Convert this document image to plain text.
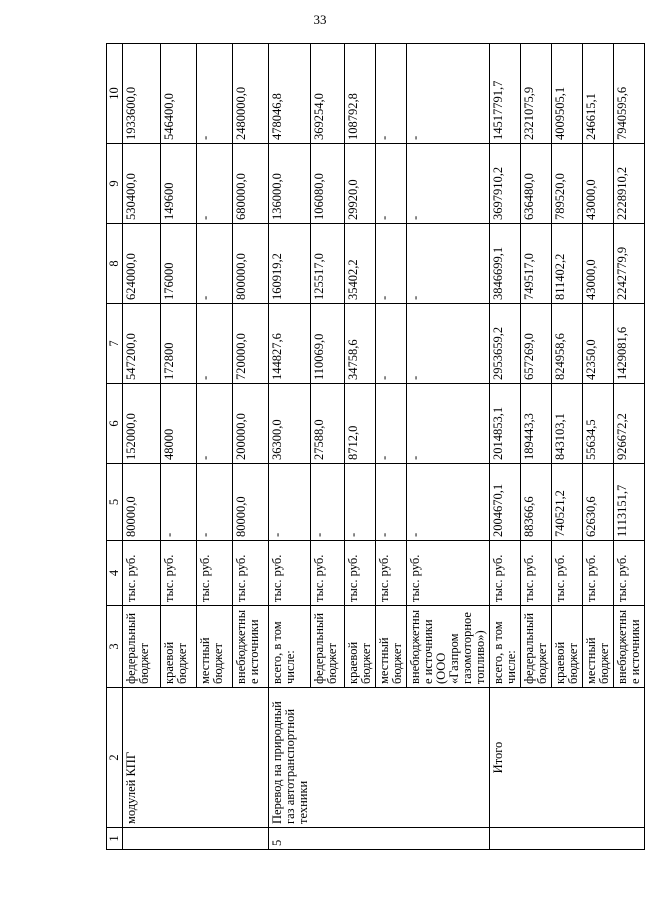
33
1	2	3	4	5	6	7	8	9	10
	модулей КПГ	федеральный бюджет	тыс. руб.	80000,0	152000,0	547200,0	624000,0	530400,0	1933600,0
		краевой бюджет	тыс. руб.	-	48000	172800	176000	149600	546400,0
		местный бюджет	тыс. руб.	-	-	-	-	-	-
		внебюджетные источники	тыс. руб.	80000,0	200000,0	720000,0	800000,0	680000,0	2480000,0
5	Перевод на природный газ автотранспортной техники	всего, в том числе:	тыс. руб.	-	36300,0	144827,6	160919,2	136000,0	478046,8
		федеральный бюджет	тыс. руб.	-	27588,0	110069,0	125517,0	106080,0	369254,0
		краевой бюджет	тыс. руб.	-	8712,0	34758,6	35402,2	29920,0	108792,8
		местный бюджет	тыс. руб.	-	-	-	-	-	-
		внебюджетные источники (ООО «Газпром газомоторное топливо»)	тыс. руб.	-	-	-	-	-	-
	Итого	всего, в том числе:	тыс. руб.	2004670,1	2014853,1	2953659,2	3846699,1	3697910,2	14517791,7
		федеральный бюджет	тыс. руб.	88366,6	189443,3	657269,0	749517,0	636480,0	2321075,9
		краевой бюджет	тыс. руб.	740521,2	843103,1	824958,6	811402,2	789520,0	4009505,1
		местный бюджет	тыс. руб.	62630,6	55634,5	42350,0	43000,0	43000,0	246615,1
		внебюджетные источники	тыс. руб.	1113151,7	926672,2	1429081,6	2242779,9	2228910,2	7940595,6
